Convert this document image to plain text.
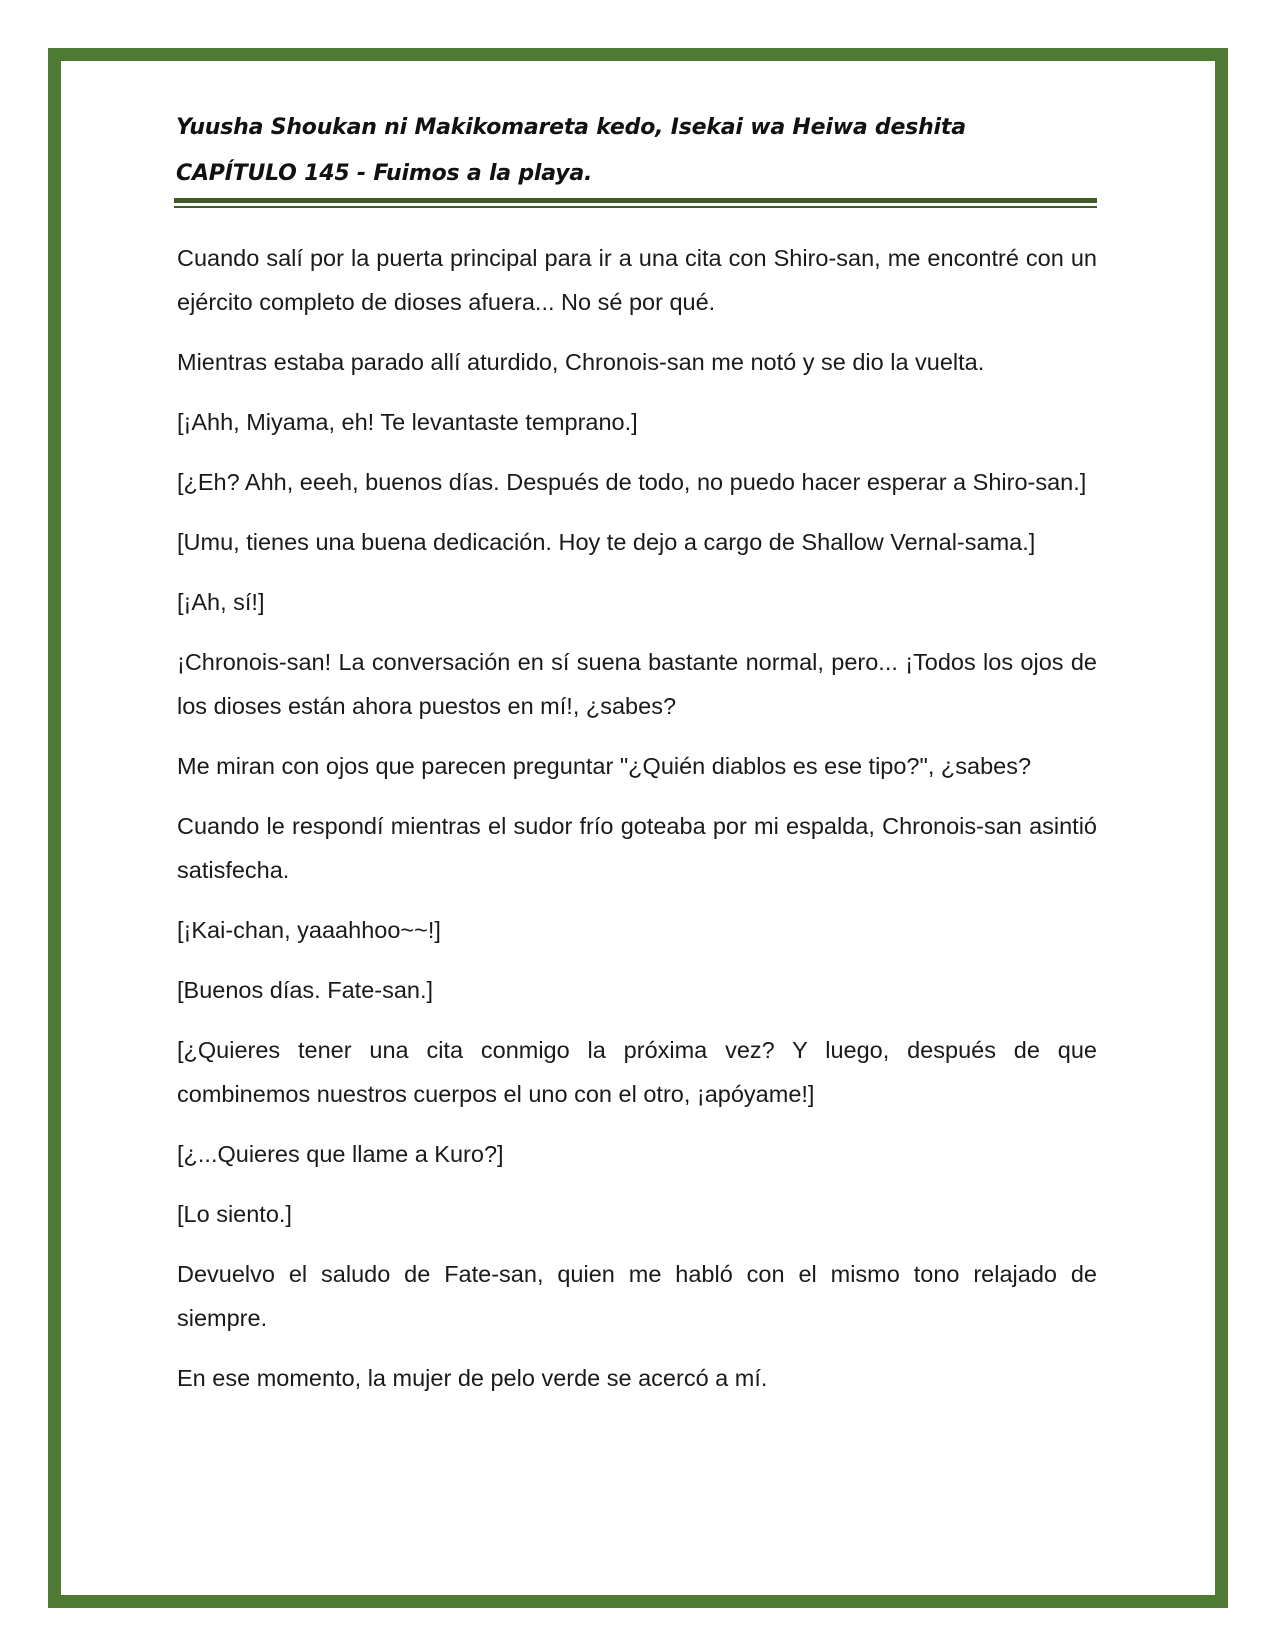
Yuusha Shoukan ni Makikomareta kedo, Isekai wa Heiwa deshita

CAPÍTULO 145 - Fuimos a la playa.

Cuando salí por la puerta principal para ir a una cita con Shiro-san, me encontré con un ejército completo de dioses afuera... No sé por qué.

Mientras estaba parado allí aturdido, Chronois-san me notó y se dio la vuelta.

[¡Ahh, Miyama, eh! Te levantaste temprano.]

[¿Eh? Ahh, eeeh, buenos días. Después de todo, no puedo hacer esperar a Shiro-san.]

[Umu, tienes una buena dedicación. Hoy te dejo a cargo de Shallow Vernal-sama.]

[¡Ah, sí!]

¡Chronois-san! La conversación en sí suena bastante normal, pero... ¡Todos los ojos de los dioses están ahora puestos en mí!, ¿sabes?

Me miran con ojos que parecen preguntar "¿Quién diablos es ese tipo?", ¿sabes?

Cuando le respondí mientras el sudor frío goteaba por mi espalda, Chronois-san asintió satisfecha.

[¡Kai-chan, yaaahhoo~~!]

[Buenos días. Fate-san.]

[¿Quieres tener una cita conmigo la próxima vez? Y luego, después de que combinemos nuestros cuerpos el uno con el otro, ¡apóyame!]

[¿...Quieres que llame a Kuro?]

[Lo siento.]

Devuelvo el saludo de Fate-san, quien me habló con el mismo tono relajado de siempre.

En ese momento, la mujer de pelo verde se acercó a mí.
